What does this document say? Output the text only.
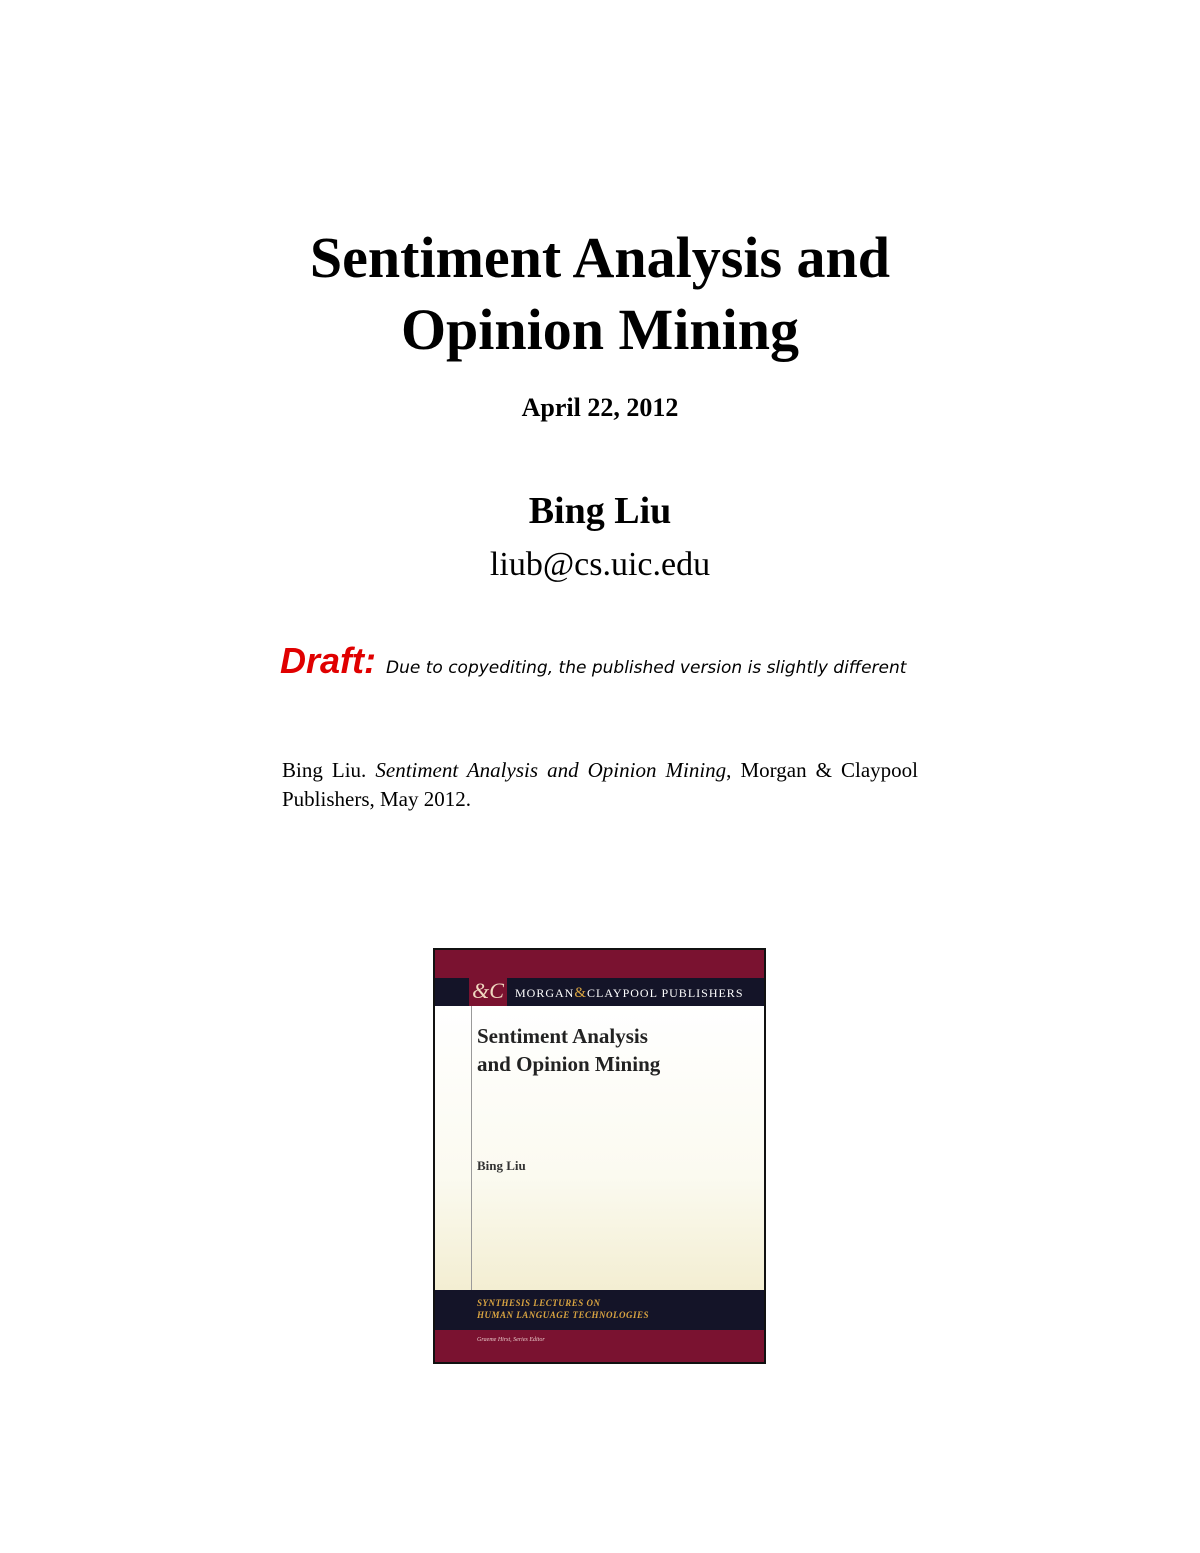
Sentiment Analysis and
Opinion Mining
April 22, 2012
Bing Liu
liub@cs.uic.edu
Draft: Due to copyediting, the published version is slightly different
Bing Liu. Sentiment Analysis and Opinion Mining, Morgan & Claypool Publishers, May 2012.
&C MORGAN&CLAYPOOL PUBLISHERS
Sentiment Analysis
and Opinion Mining
Bing Liu
SYNTHESIS LECTURES ON
HUMAN LANGUAGE TECHNOLOGIES
Graeme Hirst, Series Editor
